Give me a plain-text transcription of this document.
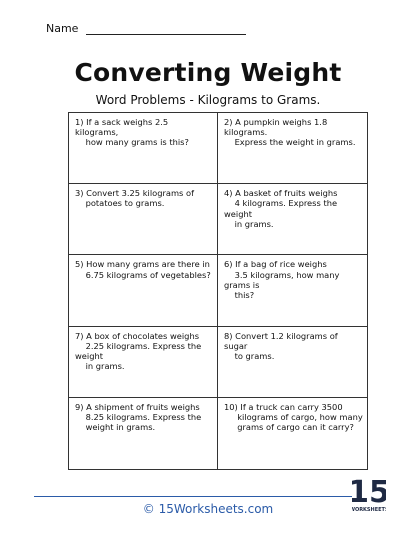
Name
Converting Weight
Word Problems - Kilograms to Grams.
1) If a sack weighs 2.5 kilograms,
how many grams is this?
2) A pumpkin weighs 1.8 kilograms.
Express the weight in grams.
3) Convert 3.25 kilograms of
potatoes to grams.
4) A basket of fruits weighs
4 kilograms. Express the weight
in grams.
5) How many grams are there in
6.75 kilograms of vegetables?
6) If a bag of rice weighs
3.5 kilograms, how many grams is
this?
7) A box of chocolates weighs
2.25 kilograms. Express the weight
in grams.
8) Convert 1.2 kilograms of sugar
to grams.
9) A shipment of fruits weighs
8.25 kilograms. Express the
weight in grams.
10) If a truck can carry 3500
kilograms of cargo, how many
grams of cargo can it carry?
© 15Worksheets.com	15
WORKSHEET
